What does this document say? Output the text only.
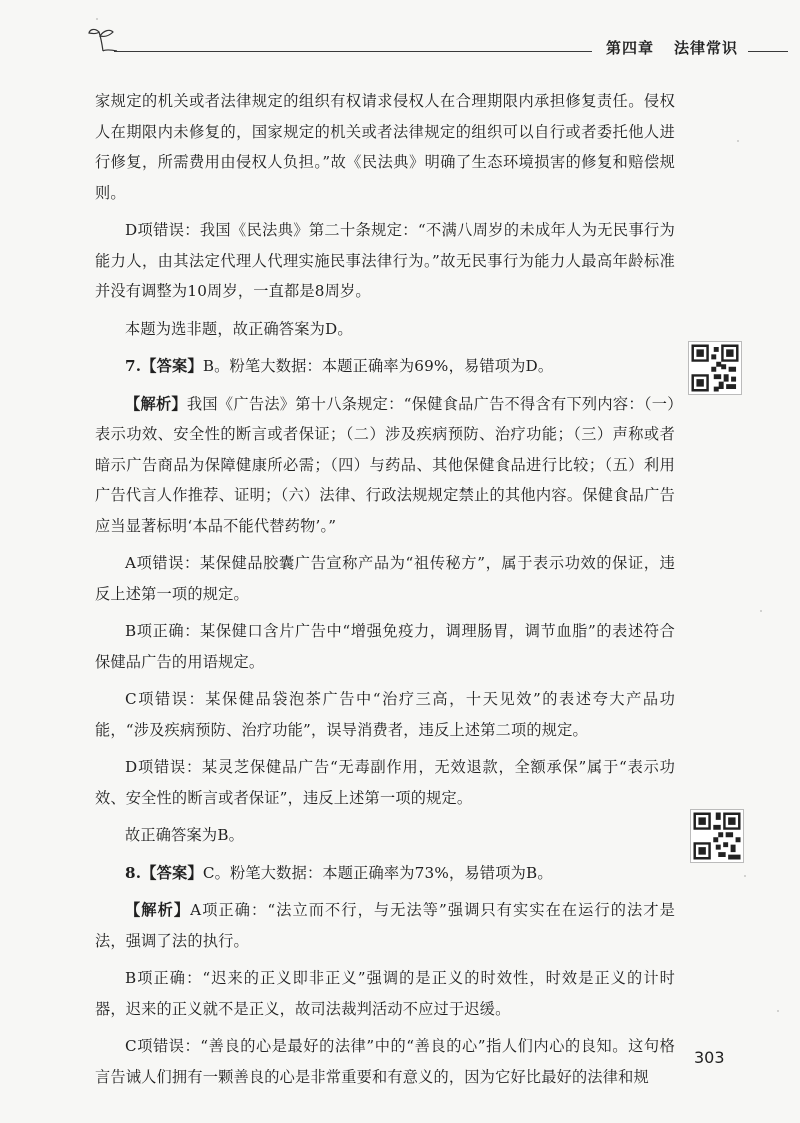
第四章 法律常识

家规定的机关或者法律规定的组织有权请求侵权人在合理期限内承担修复责任。侵权人在期限内未修复的，国家规定的机关或者法律规定的组织可以自行或者委托他人进行修复，所需费用由侵权人负担。”故《民法典》明确了生态环境损害的修复和赔偿规则。

D项错误：我国《民法典》第二十条规定：“不满八周岁的未成年人为无民事行为能力人，由其法定代理人代理实施民事法律行为。”故无民事行为能力人最高年龄标准并没有调整为10周岁，一直都是8周岁。

本题为选非题，故正确答案为D。

7.【答案】B。粉笔大数据：本题正确率为69%，易错项为D。

【解析】我国《广告法》第十八条规定：“保健食品广告不得含有下列内容：（一）表示功效、安全性的断言或者保证；（二）涉及疾病预防、治疗功能；（三）声称或者暗示广告商品为保障健康所必需；（四）与药品、其他保健食品进行比较；（五）利用广告代言人作推荐、证明；（六）法律、行政法规规定禁止的其他内容。保健食品广告应当显著标明‘本品不能代替药物’。”

A项错误：某保健品胶囊广告宣称产品为“祖传秘方”，属于表示功效的保证，违反上述第一项的规定。

B项正确：某保健口含片广告中“增强免疫力，调理肠胃，调节血脂”的表述符合保健品广告的用语规定。

C项错误：某保健品袋泡茶广告中“治疗三高，十天见效”的表述夸大产品功能，“涉及疾病预防、治疗功能”，误导消费者，违反上述第二项的规定。

D项错误：某灵芝保健品广告“无毒副作用，无效退款，全额承保”属于“表示功效、安全性的断言或者保证”，违反上述第一项的规定。

故正确答案为B。

8.【答案】C。粉笔大数据：本题正确率为73%，易错项为B。

【解析】A项正确：“法立而不行，与无法等”强调只有实实在在运行的法才是法，强调了法的执行。

B项正确：“迟来的正义即非正义”强调的是正义的时效性，时效是正义的计时器，迟来的正义就不是正义，故司法裁判活动不应过于迟缓。

C项错误：“善良的心是最好的法律”中的“善良的心”指人们内心的良知。这句格言告诫人们拥有一颗善良的心是非常重要和有意义的，因为它好比最好的法律和规

303
